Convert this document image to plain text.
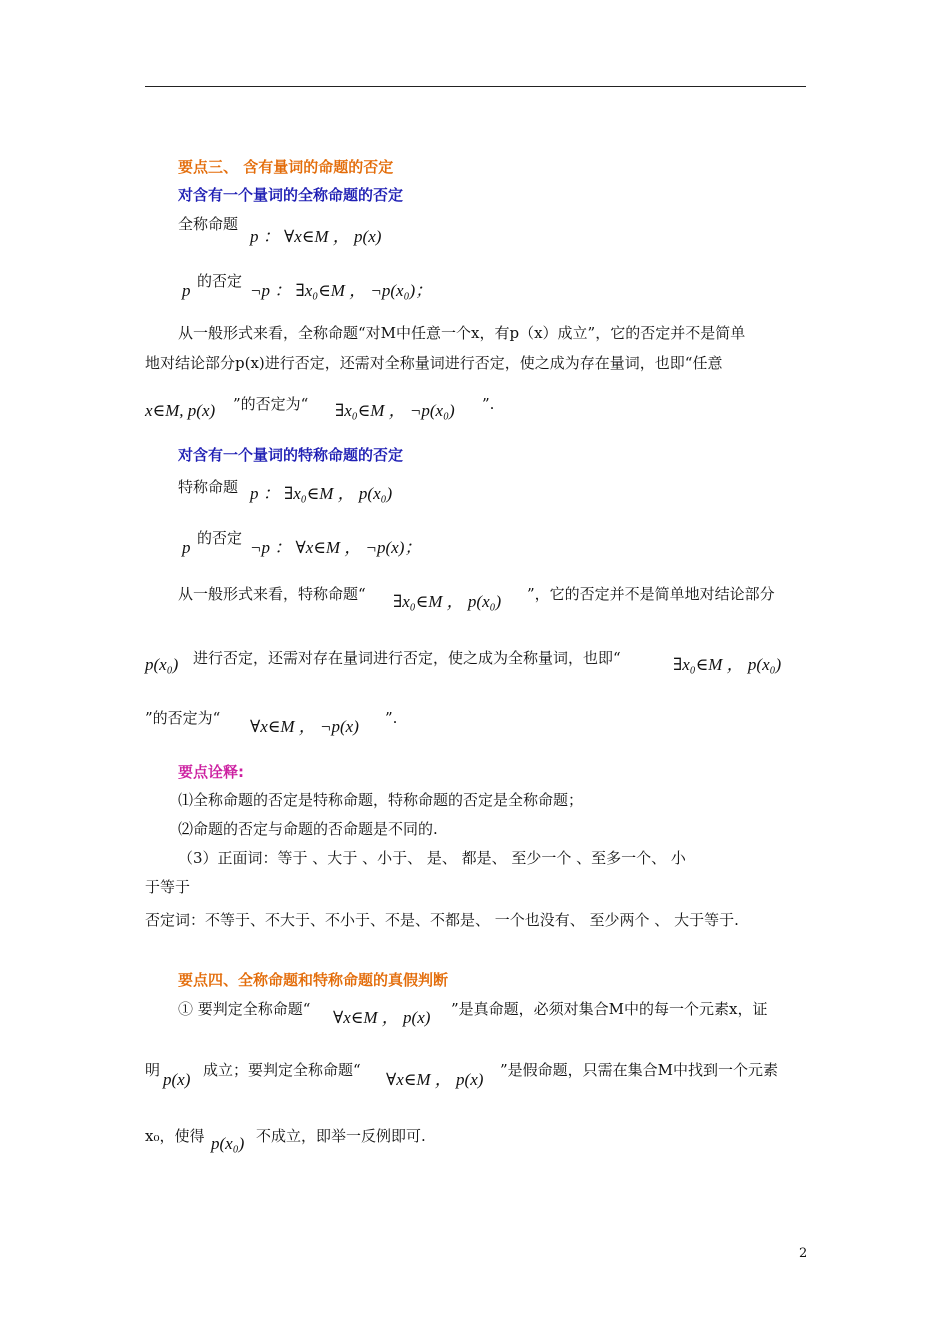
要点三、 含有量词的命题的否定
对含有一个量词的全称命题的否定
全称命题
p ： ∀x∈M ， p(x)
p 的否定 ¬p ： ∃x₀∈M ， ¬p(x₀)；
从一般形式来看，全称命题“对M中任意一个x，有p（x）成立”，它的否定并不是简单
地对结论部分p(x)进行否定，还需对全称量词进行否定，使之成为存在量词，也即“任意
x∈M, p(x) ”的否定为“ ∃x₀∈M ， ¬p(x₀) ”.
对含有一个量词的特称命题的否定
特称命题 p ： ∃x₀∈M ， p(x₀)
p 的否定 ¬p ： ∀x∈M ， ¬p(x)；
从一般形式来看，特称命题“ ∃x₀∈M ， p(x₀) ”，它的否定并不是简单地对结论部分
p(x₀) 进行否定，还需对存在量词进行否定，使之成为全称量词，也即“	∃x₀∈M ， p(x₀)
”的否定为“ ∀x∈M ， ¬p(x) ”.
要点诠释:
⑴全称命题的否定是特称命题，特称命题的否定是全称命题；
⑵命题的否定与命题的否命题是不同的.
（3）正面词：等于 、大于 、小于、 是、 都是、 至少一个 、至多一个、 小
于等于
否定词：不等于、不大于、不小于、不是、不都是、 一个也没有、 至少两个 、 大于等于.
要点四、全称命题和特称命题的真假判断
① 要判定全称命题“ ∀x∈M ， p(x) ”是真命题，必须对集合M中的每一个元素x，证
明 p(x) 成立；要判定全称命题“ ∀x∈M ， p(x) ”是假命题，只需在集合M中找到一个元素
x₀，使得 p(x₀) 不成立，即举一反例即可.
2
